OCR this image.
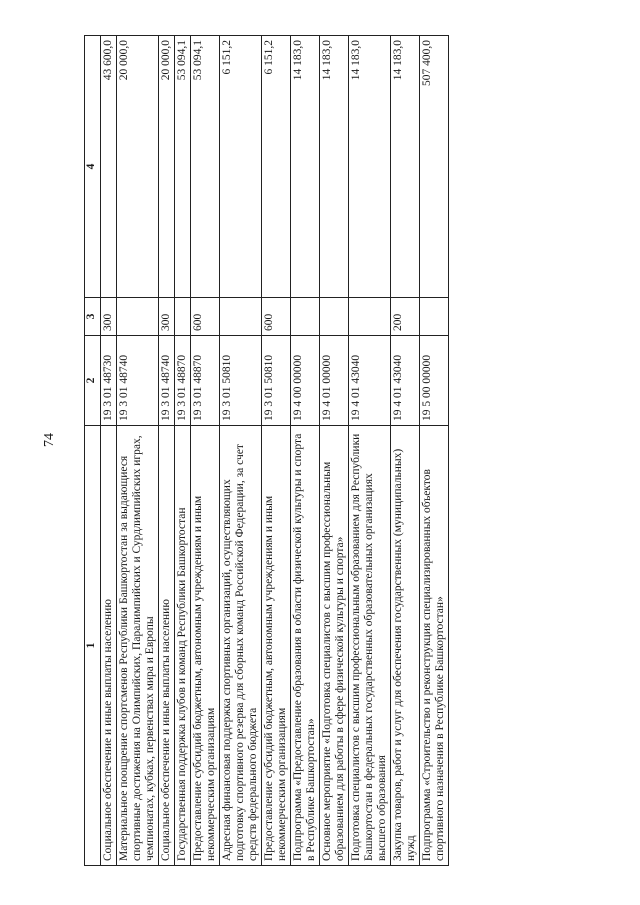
74
1	2	3	4
Социальное обеспечение и иные выплаты населению	19 3 01 48730	300	43 600,0
Материальное поощрение спортсменов Республики Башкортостан за выдающиеся спортивные достижения на Олимпийских, Паралимпийских и Сурдлимпийских играх, чемпионатах, кубках, первенствах мира и Европы	19 3 01 48740		20 000,0
Социальное обеспечение и иные выплаты населению	19 3 01 48740	300	20 000,0
Государственная поддержка клубов и команд Республики Башкортостан	19 3 01 48870		53 094,1
Предоставление субсидий бюджетным, автономным учреждениям и иным некоммерческим организациям	19 3 01 48870	600	53 094,1
Адресная финансовая поддержка спортивных организаций, осуществляющих подготовку спортивного резерва для сборных команд Российской Федерации, за счет средств федерального бюджета	19 3 01 50810		6 151,2
Предоставление субсидий бюджетным, автономным учреждениям и иным некоммерческим организациям	19 3 01 50810	600	6 151,2
Подпрограмма «Предоставление образования в области физической культуры и спорта в Республике Башкортостан»	19 4 00 00000		14 183,0
Основное мероприятие «Подготовка специалистов с высшим профессиональным образованием для работы в сфере физической культуры и спорта»	19 4 01 00000		14 183,0
Подготовка специалистов с высшим профессиональным образованием для Республики Башкортостан в федеральных государственных образовательных организациях высшего образования	19 4 01 43040		14 183,0
Закупка товаров, работ и услуг для обеспечения государственных (муниципальных) нужд	19 4 01 43040	200	14 183,0
Подпрограмма «Строительство и реконструкция специализированных объектов спортивного назначения в Республике Башкортостан»	19 5 00 00000		507 400,0
